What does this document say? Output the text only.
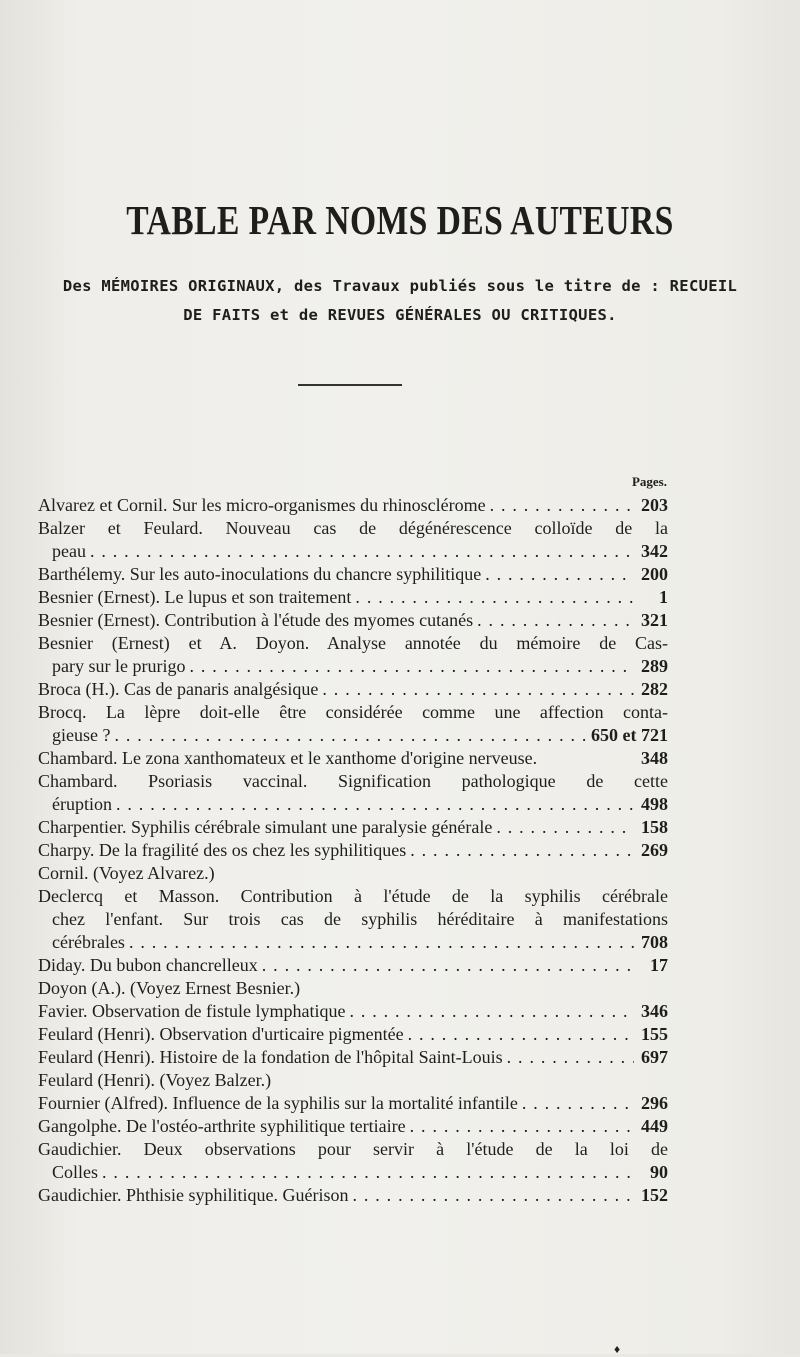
TABLE PAR NOMS DES AUTEURS
Des MÉMOIRES ORIGINAUX, des Travaux publiés sous le titre de : RECUEIL
DE FAITS et de REVUES GÉNÉRALES OU CRITIQUES.
Pages.
Alvarez et Cornil. Sur les micro-organismes du rhinosclérome . . .	203
Balzer et Feulard. Nouveau cas de dégénérescence colloïde de la
peau . . .	342
Barthélemy. Sur les auto-inoculations du chancre syphilitique . . .	200
Besnier (Ernest). Le lupus et son traitement . . .	1
Besnier (Ernest). Contribution à l'étude des myomes cutanés . . .	321
Besnier (Ernest) et A. Doyon. Analyse annotée du mémoire de Cas-
pary sur le prurigo . . .	289
Broca (H.). Cas de panaris analgésique . . .	282
Brocq. La lèpre doit-elle être considérée comme une affection conta-
gieuse ? . . .	650 et 721
Chambard. Le zona xanthomateux et le xanthome d'origine nerveuse.	348
Chambard. Psoriasis vaccinal. Signification pathologique de cette
éruption . . .	498
Charpentier. Syphilis cérébrale simulant une paralysie générale . . .	158
Charpy. De la fragilité des os chez les syphilitiques . . .	269
Cornil. (Voyez Alvarez.)
Declercq et Masson. Contribution à l'étude de la syphilis cérébrale
chez l'enfant. Sur trois cas de syphilis héréditaire à manifestations
cérébrales . . .	708
Diday. Du bubon chancrelleux . . .	17
Doyon (A.). (Voyez Ernest Besnier.)
Favier. Observation de fistule lymphatique . . .	346
Feulard (Henri). Observation d'urticaire pigmentée . . .	155
Feulard (Henri). Histoire de la fondation de l'hôpital Saint-Louis . . .	697
Feulard (Henri). (Voyez Balzer.)
Fournier (Alfred). Influence de la syphilis sur la mortalité infantile . . .	296
Gangolphe. De l'ostéo-arthrite syphilitique tertiaire . . .	449
Gaudichier. Deux observations pour servir à l'étude de la loi de
Colles . . .	90
Gaudichier. Phthisie syphilitique. Guérison . . .	152
♦
